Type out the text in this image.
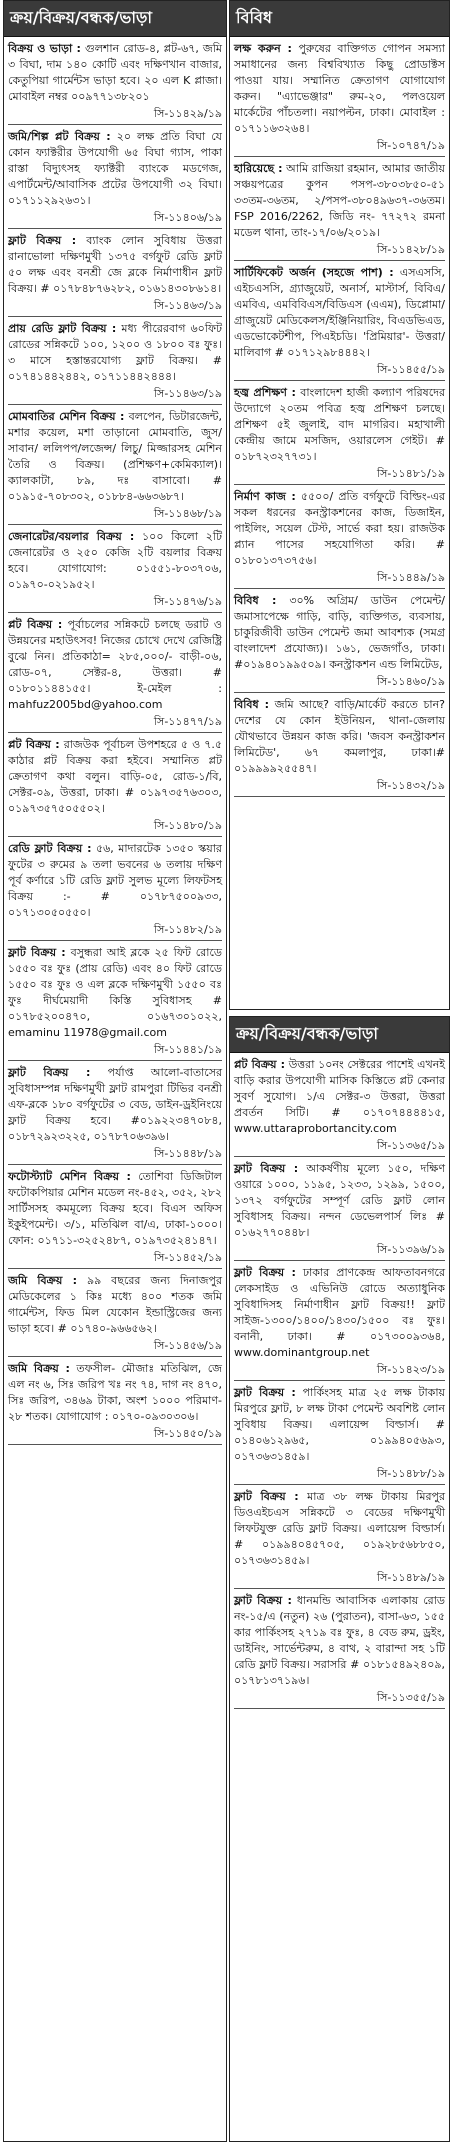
ক্রয়/বিক্রয়/বন্ধক/ভাড়া
বিক্রয় ও ভাড়া : গুলশান রোড-৪, প্লট-৬৭, জমি ৩ বিঘা, দাম ১৪০ কোটি এবং দক্ষিণখান বাজার, কেতুপিয়া গার্মেন্টস ভাড়া হবে। ২০ এল K প্লাজা। মোবাইল নম্বর ০০৯৭৭১৩৮২০১
সি-১১৪২৯/১৯
জমি/শিল্প প্লট বিক্রয় : ২০ লক্ষ প্রতি বিঘা যে কোন ফ্যাক্টরীর উপযোগী ৬৫ বিঘা গ্যাস, পাকা রাস্তা বিদ্যুৎসহ ফ্যাক্টরী ব্যাংকে মডগেজ, এপার্টমেন্ট/আবাসিক প্রটের উপযোগী ৩২ বিঘা। ০১৭১১২৯২৬৩১।
সি-১১৪০৬/১৯
ফ্লাট বিক্রয় : ব্যাংক লোন সুবিধায় উত্তরা রানাভোলা দক্ষিণমুখী ১৩৭৫ বর্গফুট রেডি ফ্লাট ৫০ লক্ষ এবং বনশ্রী জে ব্লকে নির্মাণাধীন ফ্লাট বিক্রয়। # ০১৭৮৪৮৭৬২৮২, ০১৬১৪৩০৮৬১৪।
সি-১১৪৬৩/১৯
প্রায় রেডি ফ্লাট বিক্রয় : মধ্য পীরেরবাগ ৬০ফিট রোডের সন্নিকটে ১০০, ১২০০ ও ১৮০০ বঃ ফুঃ। ৩ মাসে হস্তান্তরযোগ্য ফ্লাট বিক্রয়। # ০১৭৪১৪৪২৪৪২, ০১৭১১৪৪২৪৪৪।
সি-১১৪৬৩/১৯
মোমবাতির মেশিন বিক্রয় : বলপেন, ডিটারজেন্ট, মশার কয়েল, মশা তাড়ানো মোমবাতি, জুস/সাবান/ ললিপপ/লজেন্স/ লিচু/ মিজ্জারসহ মেশিন তৈরি ও বিক্রয়। (প্রশিক্ষণ+কেমিক্যাল)। ক্যালকাটা, ৮৯, দঃ বাসাবো। # ০১৯১৫-৭০৮৩০২, ০১৮৮৪-৬৬৩৬৮৭।
সি-১১৪৬৮/১৯
জেনারেটর/বয়লার বিক্রয় : ১০০ কিলো ২টি জেনারেটর ও ২৫০ কেজি ২টি বয়লার বিক্রয় হবে। যোগাযোগ: ০১৫৫১-৮০৩৭০৬, ০১৯৭০-০২১৯৫২।
সি-১১৪৭৬/১৯
প্লট বিক্রয় : পূর্বাচলের সন্নিকটে চলছে ডরাট ও উন্নয়নের মহাউৎসব! নিজের চোখে দেখে রেজিষ্ট্রি বুঝে নিন। প্রতিকাঠা= ২৮৫,০০০/- বাড়ী-০৬, রোড-০৭, সেক্টর-৪, উত্তরা। # ০১৮০১১৪৪১৫৫। ই-মেইল : mahfuz2005bd@yahoo.com
সি-১১৪৭৭/১৯
প্লট বিক্রয় : রাজউক পূর্বাচল উপশহরে ৫ ও ৭.৫ কাঠার প্লট বিক্রয় করা হইবে। সম্মানিত প্লট ক্রেতাগণ কথা বলুন। বাড়ি-০৫, রোড-১/বি, সেক্টর-০৯, উত্তরা, ঢাকা। # ০১৯৭৩৫৭৬৩০৩, ০১৯৭৩৫৭৫০৫৫০২।
সি-১১৪৮০/১৯
রেডি ফ্লাট বিক্রয় : ৫৬, মাদারটেক ১৩৫০ স্কয়ার ফুটের ৩ রুমের ৯ তলা ভবনের ৬ তলায় দক্ষিণ পূর্ব কর্ণারে ১টি রেডি ফ্লাট সুলভ মূল্যে লিফটসহ বিক্রয় :- # ০১৭৮৭৫০০৯৩৩, ০১৭১৩০৫০৫৫০।
সি-১১৪৮২/১৯
ফ্লাট বিক্রয় : বসুন্ধরা আই ব্লকে ২৫ ফিট রোডে ১৫৫০ বঃ ফুঃ (প্রায় রেডি) এবং ৪০ ফিট রোডে ১৫৫০ বঃ ফুঃ ও এল ব্লকে দক্ষিণমুখী ১৫৫০ বঃ ফুঃ দীর্ঘমেয়াদী কিস্তি সুবিধাসহ # ০১৭৮৫২০০৪৭০, ০১৬৭৩০১০২২, emaminu 11978@gmail.com
সি-১১৪৪১/১৯
ফ্লাট বিক্রয় : পর্যাপ্ত আলো-বাতাসের সুবিধাসম্পন্ন দক্ষিণমুখী ফ্লাট রামপুরা টিভির বনশ্রী এফ-ব্লকে ১৮০ বর্গফুটের ৩ বেড, ডাইন-ড্রইনিংয়ে ফ্লাট বিক্রয় হবে। #০১৯২২৩৪৭০৮৪, ০১৮৭২৯২৩২২৫, ০১৭৮৭০৬৩৯৬।
সি-১১৪৪৮/১৯
ফটোস্ট্যাট মেশিন বিক্রয় : তোশিবা ডিজিটাল ফটোকপিয়ার মেশিন মডেল নং-৪৫২, ৩৫২, ২৮২ সার্টিসসহ কমমূল্যে বিক্রয় হবে। বিএস অফিস ইকুইপমেন্ট। ৩/১, মতিঝিল বা/এ, ঢাকা-১০০০। ফোন: ০১৭১১-৩২৫২৪৮৭, ০১৯৭৩৫২৪১৪৭।
সি-১১৪৫২/১৯
জমি বিক্রয় : ৯৯ বছরের জন্য দিনাজপুর মেডিকেলের ১ কিঃ মধ্যে ৪০০ শতক জমি গার্মেন্টস, ফিড মিল যেকোন ইন্ডাস্ট্রিজের জন্য ভাড়া হবে। # ০১৭৪০-৯৬৬৫৬২।
সি-১১৪৫৬/১৯
জমি বিক্রয় : তফসীল- মৌজাঃ মতিঝিল, জে এল নং ৬, সিঃ জরিপ খঃ নং ৭৪, দাগ নং ৪৭০, সিঃ জরিপ, ৩৪৬৯ টাকা, অংশ ১০০০ পরিমাণ- ২৮ শতক। যোগাযোগ : ০১৭০-০৯৩০৩০৬।
সি-১১৪৫০/১৯
বিবিধ
লক্ষ করুন : পুরুষের বাক্তিগত গোপন সমস্যা সমাধানের জন্য বিশ্ববিখ্যাত কিছু প্রোডাক্টস পাওয়া যায়। সম্মানিত ক্রেতাগণ যোগাযোগ করুন। "এ্যাভেঞ্জার" রুম-২০, পলওয়েল মার্কেটের পাঁচতলা। নয়াপল্টন, ঢাকা। মোবাইল : ০১৭১১৬৩২৬৪।
সি-১০৭৪৭/১৯
হারিয়েছে : আমি রাজিয়া রহমান, আমার জাতীয় সঞ্চয়পত্রের কুপন পসপ-৩৮০৩৮৫০-৫১ ৩৩তম-৩৬তম, ২/পসপ-৩৮০৪৯৬৩৭-৩৬তম। FSP 2016/2262, জিডি নং- ৭৭২৭২ রমনা মডেল থানা, তাং-১৭/০৬/২০১৯।
সি-১১৪২৮/১৯
সার্টিফিকেট অর্জন (সহজে পাশ) : এসএসসি, এইচএসসি, গ্র্যাজুয়েট, অনার্স, মাস্টার্স, বিবিএ/এমবিএ, এমবিবিএস/বিডিএস (এএম), ডিপ্লোমা/গ্রাজুয়েট মেডিকেলস/ইঞ্জিনিয়ারিং, বিএডভিএড, এডভোকেটশীপ, পিএইচডি। 'প্রিমিয়ার'- উত্তরা/মালিবাগ # ০১৭১২৯৮৪৪৪২।
সি-১১৪৫৫/১৯
হজ্ব প্রশিক্ষণ : বাংলাদেশ হাজী কল্যাণ পরিষদের উদ্যোগে ২০তম পবিত্র হজ্ব প্রশিক্ষণ চলছে। প্রশিক্ষণ ৫ই জুলাই, বাদ মাগরিব। মহাখালী কেন্দ্রীয় জামে মসজিদ, ওয়ারলেস গেইট। # ০১৮৭২৩২৭৭৩১।
সি-১১৪৮১/১৯
নির্মাণ কাজ : ৫৫০০/ প্রতি বর্গফুটে বিল্ডিং-এর সকল ধরনের কনস্ট্রাকশনের কাজ, ডিজাইন, পাইলিং, সয়েল টেস্ট, সার্ভে করা হয়। রাজউক প্ল্যান পাসের সহযোগিতা করি। # ০১৮০১৩৭৩৭৫৬।
সি-১১৪৪৯/১৯
বিবিধ : ৩০% অগ্রিম/ ডাউন পেমেন্ট/ জমাসাপেক্ষে গাড়ি, বাড়ি, ব্যক্তিগত, ব্যবসায়, চাকুরিজীবী ডাউন পেমেন্ট জমা আবশ্যক (সমগ্র বাংলাদেশ প্রযোজ্য)। ১৬১, ভেজগাঁও, ঢাকা। #০১৯৪০১৯৯৫০৯। কনস্ট্রাকশন এন্ড লিমিটেড,
সি-১১৪৬০/১৯
বিবিধ : জমি আছে? বাড়ি/মার্কেট করতে চান? দেশের যে কোন ইউনিয়ন, থানা-জেলায় যৌথভাবে উন্নয়ন কাজ করি। 'জবস কনস্ট্রাকশন লিমিটেড', ৬৭ কমলাপুর, ঢাকা।# ০১৯৯৯৯২৫৫৪৭।
সি-১১৪৩২/১৯
ক্রয়/বিক্রয়/বন্ধক/ভাড়া
প্লট বিক্রয় : উত্তরা ১০নং সেক্টরের পাশেই এখনই বাড়ি করার উপযোগী মাসিক কিস্তিতে প্লট কেনার সুবর্ণ সুযোগ। ১/এ সেক্টর-৩ উত্তরা, উত্তরা প্রবর্তন সিটি। # ০১৭০৭৪৪৪৪১৫, www.uttaraprobortancity.com
সি-১১৩৬৫/১৯
ফ্লাট বিক্রয় : আকর্ষণীয় মূল্যে ১৫০, দক্ষিণ ওয়ারে ১০০০, ১১৯৫, ১২৩৩, ১২৯৯, ১৫০০, ১৩৭২ বর্গফুটের সম্পূর্ণ রেডি ফ্লাট লোন সুবিধাসহ বিক্রয়। নন্দন ডেভেলপার্স লিঃ # ০১৬২৭৭০৪৪৮।
সি-১১৩৯৬/১৯
ফ্লাট বিক্রয় : ঢাকার প্রাণকেন্দ্র আফতাবনগরে লেকসাইড ও এভিনিউ রোডে অত্যাধুনিক সুবিধাদিসহ নির্মাণাধীন ফ্লাট বিক্রয়!! ফ্লাট সাইজ-১৩০০/১৪০০/১৪৩০/১৫০০ বঃ ফুঃ। বনানী, ঢাকা। # ০১৭৩০০৯৩৬৪, www.dominantgroup.net
সি-১১৪২৩/১৯
ফ্লাট বিক্রয় : পার্কিংসহ মাত্র ২৫ লক্ষ টাকায় মিরপুরে ফ্লাট, ৮ লক্ষ টাকা পেমেন্ট অবশিষ্ট লোন সুবিধায় বিক্রয়। এলায়েন্স বিল্ডার্স। # ০১৪০৬১২৯৬৫, ০১৯৯৪০৫৬৯৩, ০১৭৩৬৩১৪৫৯।
সি-১১৪৮৮/১৯
ফ্লাট বিক্রয় : মাত্র ৩৮ লক্ষ টাকায় মিরপুর ডিওএইচএস সন্নিকটে ৩ বেডের দক্ষিণমুখী লিফটযুক্ত রেডি ফ্লাট বিক্রয়। এলায়েন্স বিল্ডার্স। # ০১৯৯৪০৪৫৭০৫, ০১৯২৮৫৬৮৮৫০, ০১৭৩৬৩১৪৫৯।
সি-১১৪৮৯/১৯
ফ্লাট বিক্রয় : ধানমন্ডি আবাসিক এলাকায় রোড নং-১৫/এ (নতুন) ২৬ (পুরাতন), বাসা-৬৩, ১৫৫ কার পার্কিংসহ ২৭১৯ বঃ ফুঃ, ৪ বেড রুম, ড্রইং, ডাইনিং, সার্ভেন্টরুম, ৪ বাথ, ২ বারান্দা সহ ১টি রেডি ফ্লাট বিক্রয়। সরাসরি # ০১৮১৫৪৯২৪০৯, ০১৭৮১৩৭১৯৬।
সি-১১৩৫৫/১৯
